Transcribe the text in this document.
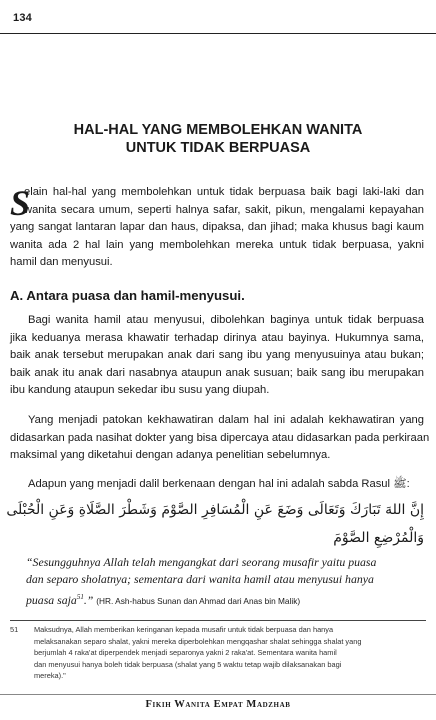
134
HAL-HAL YANG MEMBOLEHKAN WANITA
UNTUK TIDAK BERPUASA
S
elain hal-hal yang membolehkan untuk tidak berpuasa baik bagi laki-laki dan
wanita secara umum, seperti halnya safar, sakit, pikun, mengalami kepayahan
yang sangat lantaran lapar dan haus, dipaksa, dan jihad; maka khusus bagi kaum
wanita ada 2 hal lain yang membolehkan mereka untuk tidak berpuasa, yakni
hamil dan menyusui.
A. Antara puasa dan hamil-menyusui.
Bagi wanita hamil atau menyusui, dibolehkan baginya untuk tidak berpuasa
jika keduanya merasa khawatir terhadap dirinya atau bayinya. Hukumnya sama,
baik anak tersebut merupakan anak dari sang ibu yang menyusuinya atau bukan;
baik anak itu anak dari nasabnya ataupun anak susuan; baik sang ibu merupakan
ibu kandung ataupun sekedar ibu susu yang diupah.
Yang menjadi patokan kekhawatiran dalam hal ini adalah kekhawatiran yang
didasarkan pada nasihat dokter yang bisa dipercaya atau didasarkan pada perkiraan
maksimal yang diketahui dengan adanya penelitian sebelumnya.
Adapun yang menjadi dalil berkenaan dengan hal ini adalah sabda Rasul ﷺ:
إِنَّ اللهَ تَبَارَكَ وَتَعَالَى وَضَعَ عَنِ الْمُسَافِرِ الصَّوْمَ وَشَطْرَ الصَّلَاةِ وَعَنِ الْحُبْلَى
وَالْمُرْضِعِ الصَّوْمَ
“Sesungguhnya Allah telah mengangkat dari seorang musafir yaitu puasa
dan separo sholatnya; sementara dari wanita hamil atau menyusui hanya
puasa saja$^{51}$.” (HR. Ash-habus Sunan dan Ahmad dari Anas bin Malik)
51 Maksudnya, Allah memberikan keringanan kepada musafir untuk tidak berpuasa dan hanya
melaksanakan separo shalat, yakni mereka diperbolehkan mengqashar shalat sehingga shalat yang
berjumlah 4 raka'at diperpendek menjadi separonya yakni 2 raka'at. Sementara wanita hamil
dan menyusui hanya boleh tidak berpuasa (shalat yang 5 waktu tetap wajib dilaksanakan bagi
mereka)."
Fikih Wanita Empat Madzhab
